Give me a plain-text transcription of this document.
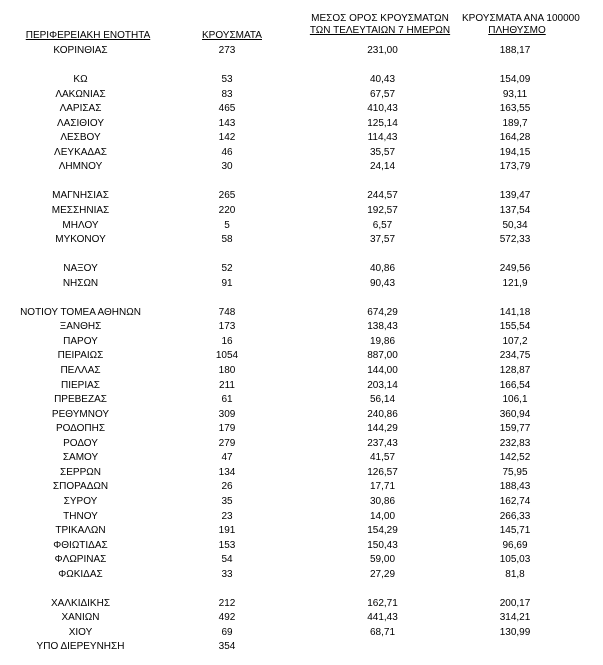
ΠΕΡΙΦΕΡΕΙΑΚΗ ΕΝΟΤΗΤΑ	ΚΡΟΥΣΜΑΤΑ
ΜΕΣΟΣ ΟΡΟΣ ΚΡΟΥΣΜΑΤΩΝ
ΤΩΝ ΤΕΛΕΥΤΑΙΩΝ 7 ΗΜΕΡΩΝ
ΚΡΟΥΣΜΑΤΑ ΑΝΑ 100000
ΠΛΗΘΥΣΜΟ
ΚΟΡΙΝΘΙΑΣ	273	231,00	188,17
ΚΩ	53	40,43	154,09
ΛΑΚΩΝΙΑΣ	83	67,57	93,11
ΛΑΡΙΣΑΣ	465	410,43	163,55
ΛΑΣΙΘΙΟΥ	143	125,14	189,7
ΛΕΣΒΟΥ	142	114,43	164,28
ΛΕΥΚΑΔΑΣ	46	35,57	194,15
ΛΗΜΝΟΥ	30	24,14	173,79
ΜΑΓΝΗΣΙΑΣ	265	244,57	139,47
ΜΕΣΣΗΝΙΑΣ	220	192,57	137,54
ΜΗΛΟΥ	5	6,57	50,34
ΜΥΚΟΝΟΥ	58	37,57	572,33
ΝΑΞΟΥ	52	40,86	249,56
ΝΗΣΩΝ	91	90,43	121,9
ΝΟΤΙΟΥ ΤΟΜΕΑ ΑΘΗΝΩΝ	748	674,29	141,18
ΞΑΝΘΗΣ	173	138,43	155,54
ΠΑΡΟΥ	16	19,86	107,2
ΠΕΙΡΑΙΩΣ	1054	887,00	234,75
ΠΕΛΛΑΣ	180	144,00	128,87
ΠΙΕΡΙΑΣ	211	203,14	166,54
ΠΡΕΒΕΖΑΣ	61	56,14	106,1
ΡΕΘΥΜΝΟΥ	309	240,86	360,94
ΡΟΔΟΠΗΣ	179	144,29	159,77
ΡΟΔΟΥ	279	237,43	232,83
ΣΑΜΟΥ	47	41,57	142,52
ΣΕΡΡΩΝ	134	126,57	75,95
ΣΠΟΡΑΔΩΝ	26	17,71	188,43
ΣΥΡΟΥ	35	30,86	162,74
ΤΗΝΟΥ	23	14,00	266,33
ΤΡΙΚΑΛΩΝ	191	154,29	145,71
ΦΘΙΩΤΙΔΑΣ	153	150,43	96,69
ΦΛΩΡΙΝΑΣ	54	59,00	105,03
ΦΩΚΙΔΑΣ	33	27,29	81,8
ΧΑΛΚΙΔΙΚΗΣ	212	162,71	200,17
ΧΑΝΙΩΝ	492	441,43	314,21
ΧΙΟΥ	69	68,71	130,99
ΥΠΟ ΔΙΕΡΕΥΝΗΣΗ	354
